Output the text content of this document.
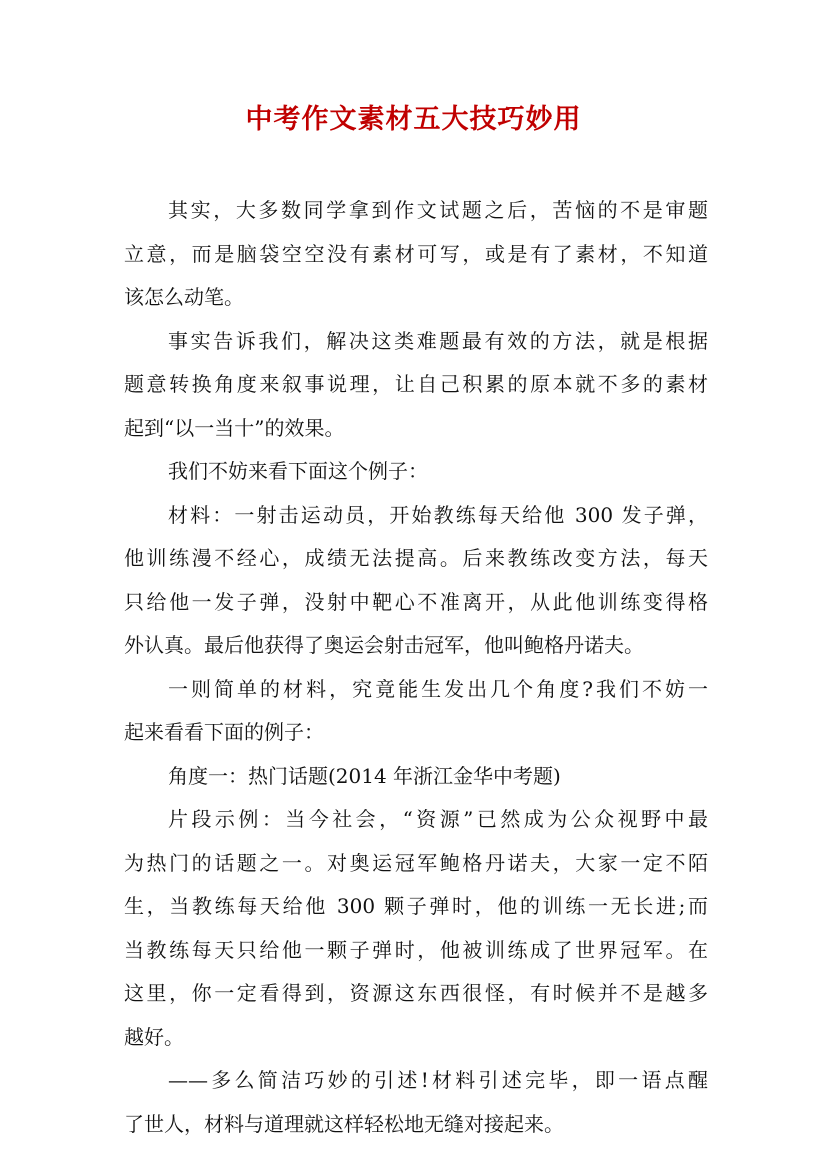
中考作文素材五大技巧妙用
其实，大多数同学拿到作文试题之后，苦恼的不是审题
立意，而是脑袋空空没有素材可写，或是有了素材，不知道
该怎么动笔。
事实告诉我们，解决这类难题最有效的方法，就是根据
题意转换角度来叙事说理，让自己积累的原本就不多的素材
起到“以一当十”的效果。
我们不妨来看下面这个例子：
材料：一射击运动员，开始教练每天给他 300 发子弹，
他训练漫不经心，成绩无法提高。后来教练改变方法，每天
只给他一发子弹，没射中靶心不准离开，从此他训练变得格
外认真。最后他获得了奥运会射击冠军，他叫鲍格丹诺夫。
一则简单的材料，究竟能生发出几个角度?我们不妨一
起来看看下面的例子：
角度一：热门话题(2014 年浙江金华中考题)
片段示例：当今社会，“资源”已然成为公众视野中最
为热门的话题之一。对奥运冠军鲍格丹诺夫，大家一定不陌
生，当教练每天给他 300 颗子弹时，他的训练一无长进;而
当教练每天只给他一颗子弹时，他被训练成了世界冠军。在
这里，你一定看得到，资源这东西很怪，有时候并不是越多
越好。
——多么简洁巧妙的引述!材料引述完毕，即一语点醒
了世人，材料与道理就这样轻松地无缝对接起来。
